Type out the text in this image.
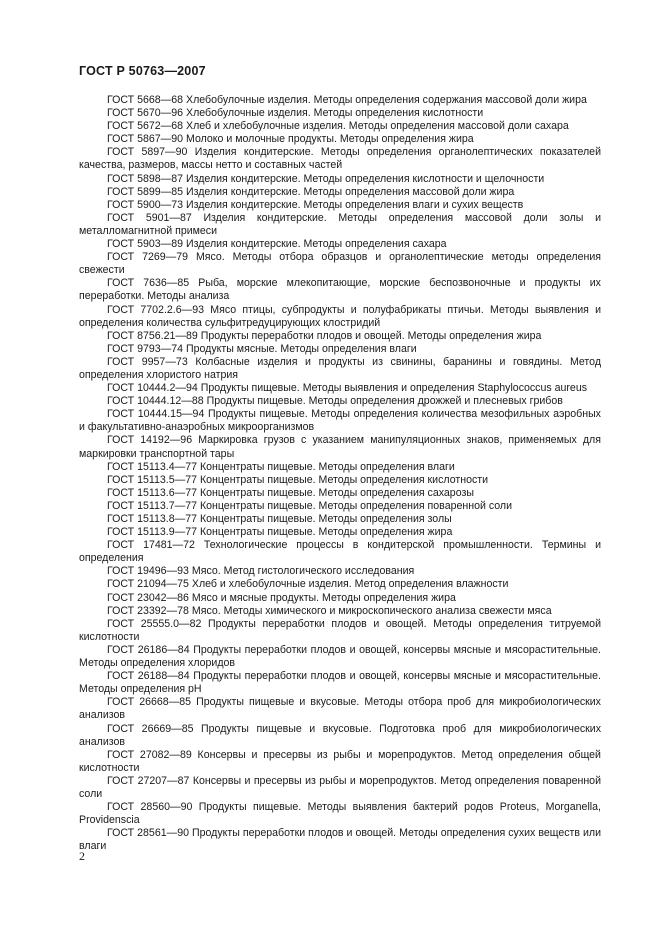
ГОСТ Р 50763—2007

ГОСТ 5668—68 Хлебобулочные изделия. Методы определения содержания массовой доли жира

ГОСТ 5670—96 Хлебобулочные изделия. Методы определения кислотности

ГОСТ 5672—68 Хлеб и хлебобулочные изделия. Методы определения массовой доли сахара

ГОСТ 5867—90 Молоко и молочные продукты. Методы определения жира

ГОСТ 5897—90 Изделия кондитерские. Методы определения органолептических показателей качества, размеров, массы нетто и составных частей

ГОСТ 5898—87 Изделия кондитерские. Методы определения кислотности и щелочности

ГОСТ 5899—85 Изделия кондитерские. Методы определения массовой доли жира

ГОСТ 5900—73 Изделия кондитерские. Методы определения влаги и сухих веществ

ГОСТ 5901—87 Изделия кондитерские. Методы определения массовой доли золы и металломагнитной примеси

ГОСТ 5903—89 Изделия кондитерские. Методы определения сахара

ГОСТ 7269—79 Мясо. Методы отбора образцов и органолептические методы определения свежести

ГОСТ 7636—85 Рыба, морские млекопитающие, морские беспозвоночные и продукты их переработки. Методы анализа

ГОСТ 7702.2.6—93 Мясо птицы, субпродукты и полуфабрикаты птичьи. Методы выявления и определения количества сульфитредуцирующих клостридий

ГОСТ 8756.21—89 Продукты переработки плодов и овощей. Методы определения жира

ГОСТ 9793—74 Продукты мясные. Методы определения влаги

ГОСТ 9957—73 Колбасные изделия и продукты из свинины, баранины и говядины. Метод определения хлористого натрия

ГОСТ 10444.2—94 Продукты пищевые. Методы выявления и определения Staphylococcus aureus

ГОСТ 10444.12—88 Продукты пищевые. Методы определения дрожжей и плесневых грибов

ГОСТ 10444.15—94 Продукты пищевые. Методы определения количества мезофильных аэробных и факультативно-анаэробных микроорганизмов

ГОСТ 14192—96 Маркировка грузов с указанием манипуляционных знаков, применяемых для маркировки транспортной тары

ГОСТ 15113.4—77 Концентраты пищевые. Методы определения влаги

ГОСТ 15113.5—77 Концентраты пищевые. Методы определения кислотности

ГОСТ 15113.6—77 Концентраты пищевые. Методы определения сахарозы

ГОСТ 15113.7—77 Концентраты пищевые. Методы определения поваренной соли

ГОСТ 15113.8—77 Концентраты пищевые. Методы определения золы

ГОСТ 15113.9—77 Концентраты пищевые. Методы определения жира

ГОСТ 17481—72 Технологические процессы в кондитерской промышленности. Термины и определения

ГОСТ 19496—93 Мясо. Метод гистологического исследования

ГОСТ 21094—75 Хлеб и хлебобулочные изделия. Метод определения влажности

ГОСТ 23042—86 Мясо и мясные продукты. Методы определения жира

ГОСТ 23392—78 Мясо. Методы химического и микроскопического анализа свежести мяса

ГОСТ 25555.0—82 Продукты переработки плодов и овощей. Методы определения титруемой кислотности

ГОСТ 26186—84 Продукты переработки плодов и овощей, консервы мясные и мясорастительные. Методы определения хлоридов

ГОСТ 26188—84 Продукты переработки плодов и овощей, консервы мясные и мясорастительные. Методы определения pH

ГОСТ 26668—85 Продукты пищевые и вкусовые. Методы отбора проб для микробиологических анализов

ГОСТ 26669—85 Продукты пищевые и вкусовые. Подготовка проб для микробиологических анализов

ГОСТ 27082—89 Консервы и пресервы из рыбы и морепродуктов. Метод определения общей кислотности

ГОСТ 27207—87 Консервы и пресервы из рыбы и морепродуктов. Метод определения поваренной соли

ГОСТ 28560—90 Продукты пищевые. Методы выявления бактерий родов Proteus, Morganella, Providenscia

ГОСТ 28561—90 Продукты переработки плодов и овощей. Методы определения сухих веществ или влаги

2
